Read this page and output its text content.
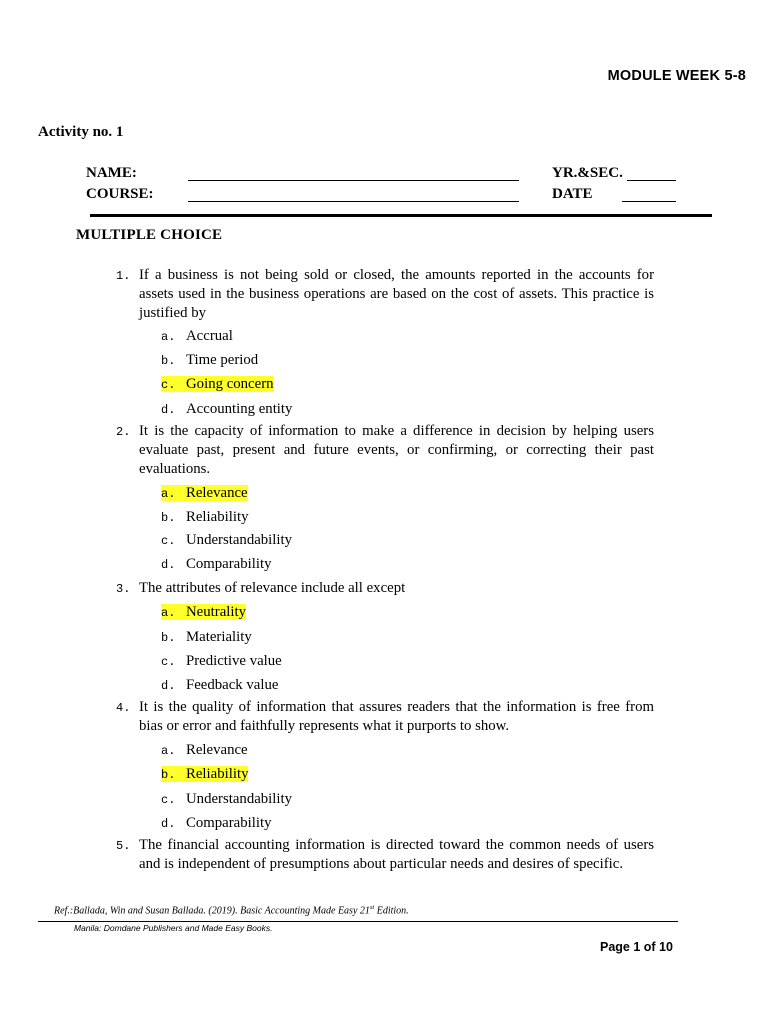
MODULE WEEK 5-8
Activity no. 1
NAME:	YR.&SEC.
COURSE:	DATE
MULTIPLE CHOICE
1. If a business is not being sold or closed, the amounts reported in the accounts for assets used in the business operations are based on the cost of assets. This practice is justified by
a. Accrual
b. Time period
c. Going concern
d. Accounting entity
2. It is the capacity of information to make a difference in decision by helping users evaluate past, present and future events, or confirming, or correcting their past evaluations.
a. Relevance
b. Reliability
c. Understandability
d. Comparability
3. The attributes of relevance include all except
a. Neutrality
b. Materiality
c. Predictive value
d. Feedback value
4. It is the quality of information that assures readers that the information is free from bias or error and faithfully represents what it purports to show.
a. Relevance
b. Reliability
c. Understandability
d. Comparability
5. The financial accounting information is directed toward the common needs of users and is independent of presumptions about particular needs and desires of specific.
Ref.:Ballada, Win and Susan Ballada. (2019). Basic Accounting Made Easy 21st Edition.
Manila: Domdane Publishers and Made Easy Books.
Page 1 of 10
